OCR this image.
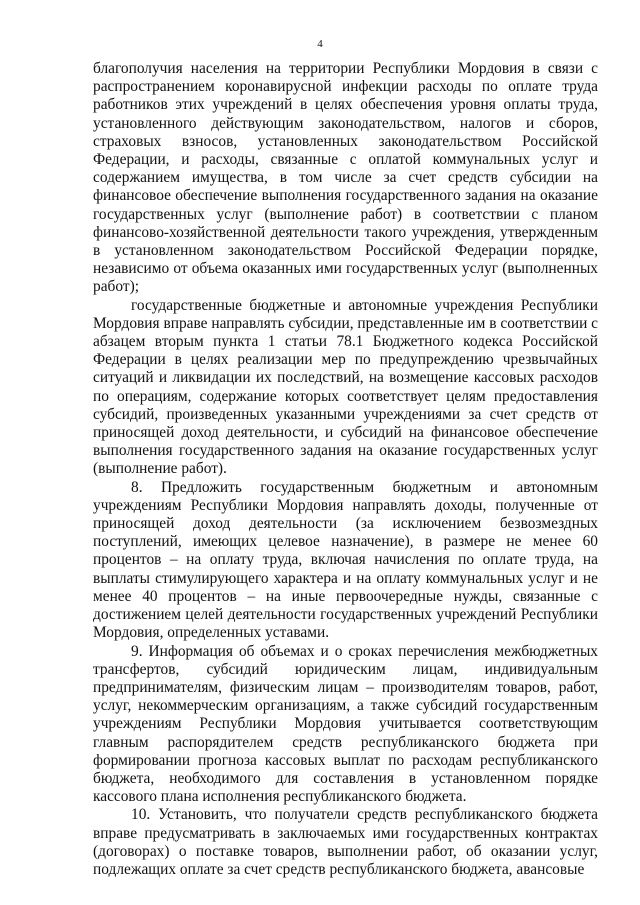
4

благополучия населения на территории Республики Мордовия в связи с распространением коронавирусной инфекции расходы по оплате труда работников этих учреждений в целях обеспечения уровня оплаты труда, установленного действующим законодательством, налогов и сборов, страховых взносов, установленных законодательством Российской Федерации, и расходы, связанные с оплатой коммунальных услуг и содержанием имущества, в том числе за счет средств субсидии на финансовое обеспечение выполнения государственного задания на оказание государственных услуг (выполнение работ) в соответствии с планом финансово-хозяйственной деятельности такого учреждения, утвержденным в установленном законодательством Российской Федерации порядке, независимо от объема оказанных ими государственных услуг (выполненных работ);

государственные бюджетные и автономные учреждения Республики Мордовия вправе направлять субсидии, представленные им в соответствии с абзацем вторым пункта 1 статьи 78.1 Бюджетного кодекса Российской Федерации в целях реализации мер по предупреждению чрезвычайных ситуаций и ликвидации их последствий, на возмещение кассовых расходов по операциям, содержание которых соответствует целям предоставления субсидий, произведенных указанными учреждениями за счет средств от приносящей доход деятельности, и субсидий на финансовое обеспечение выполнения государственного задания на оказание государственных услуг (выполнение работ).

8. Предложить государственным бюджетным и автономным учреждениям Республики Мордовия направлять доходы, полученные от приносящей доход деятельности (за исключением безвозмездных поступлений, имеющих целевое назначение), в размере не менее 60 процентов – на оплату труда, включая начисления по оплате труда, на выплаты стимулирующего характера и на оплату коммунальных услуг и не менее 40 процентов – на иные первоочередные нужды, связанные с достижением целей деятельности государственных учреждений Республики Мордовия, определенных уставами.

9. Информация об объемах и о сроках перечисления межбюджетных трансфертов, субсидий юридическим лицам, индивидуальным предпринимателям, физическим лицам – производителям товаров, работ, услуг, некоммерческим организациям, а также субсидий государственным учреждениям Республики Мордовия учитывается соответствующим главным распорядителем средств республиканского бюджета при формировании прогноза кассовых выплат по расходам республиканского бюджета, необходимого для составления в установленном порядке кассового плана исполнения республиканского бюджета.

10. Установить, что получатели средств республиканского бюджета вправе предусматривать в заключаемых ими государственных контрактах (договорах) о поставке товаров, выполнении работ, об оказании услуг, подлежащих оплате за счет средств республиканского бюджета, авансовые
